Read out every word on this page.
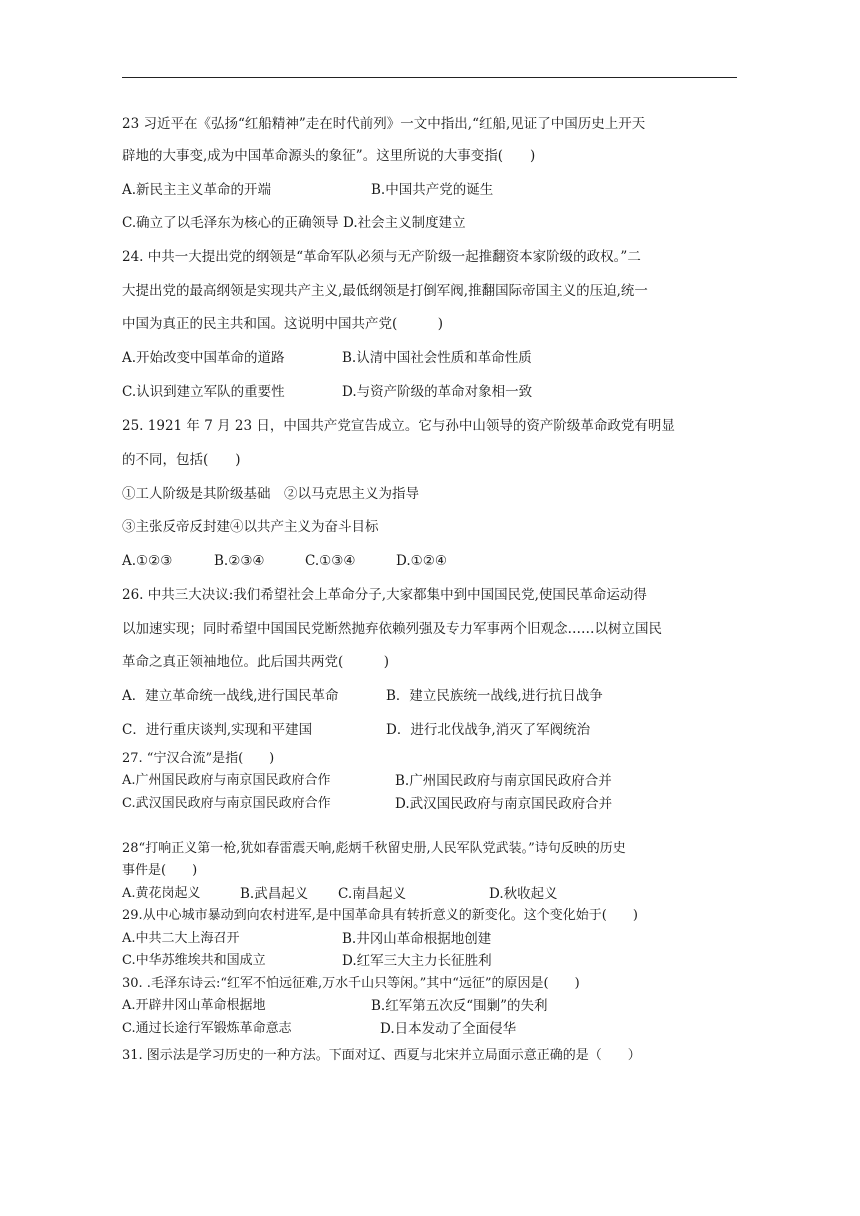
23 习近平在《弘扬“红船精神”走在时代前列》一文中指出,“红船,见证了中国历史上开天
辟地的大事变,成为中国革命源头的象征”。这里所说的大事变指(　　)
A.新民主主义革命的开端	B.中国共产党的诞生
C.确立了以毛泽东为核心的正确领导 D.社会主义制度建立
24. 中共一大提出党的纲领是“革命军队必须与无产阶级一起推翻资本家阶级的政权。”二
大提出党的最高纲领是实现共产主义,最低纲领是打倒军阀,推翻国际帝国主义的压迫,统一
中国为真正的民主共和国。这说明中国共产党(　　　)
A.开始改变中国革命的道路	B.认清中国社会性质和革命性质
C.认识到建立军队的重要性	D.与资产阶级的革命对象相一致
25. 1921 年 7 月 23 日，中国共产党宣告成立。它与孙中山领导的资产阶级革命政党有明显
的不同，包括(　　)
①工人阶级是其阶级基础　②以马克思主义为指导
③主张反帝反封建④以共产主义为奋斗目标
A.①②③	B.②③④	C.①③④	D.①②④
26. 中共三大决议:我们希望社会上革命分子,大家都集中到中国国民党,使国民革命运动得
以加速实现；同时希望中国国民党断然抛弃依赖列强及专力军事两个旧观念……以树立国民
革命之真正领袖地位。此后国共两党(　　　)
A．建立革命统一战线,进行国民革命	B．建立民族统一战线,进行抗日战争
C．进行重庆谈判,实现和平建国	D．进行北伐战争,消灭了军阀统治
27. “宁汉合流”是指(　　)
A.广州国民政府与南京国民政府合作	B.广州国民政府与南京国民政府合并
C.武汉国民政府与南京国民政府合作	D.武汉国民政府与南京国民政府合并
28“打响正义第一枪,犹如春雷震天响,彪炳千秋留史册,人民军队党武装。”诗句反映的历史
事件是(　　)
A.黄花岗起义	B.武昌起义 C.南昌起义	D.秋收起义
29.从中心城市暴动到向农村进军,是中国革命具有转折意义的新变化。这个变化始于(　　)
A.中共二大上海召开	B.井冈山革命根据地创建
C.中华苏维埃共和国成立	D.红军三大主力长征胜利
30. .毛泽东诗云:“红军不怕远征难,万水千山只等闲。”其中“远征”的原因是(　　)
A.开辟井冈山革命根据地	B.红军第五次反“围剿”的失利
C.通过长途行军锻炼革命意志	D.日本发动了全面侵华
31. 图示法是学习历史的一种方法。下面对辽、西夏与北宋并立局面示意正确的是（　　）
